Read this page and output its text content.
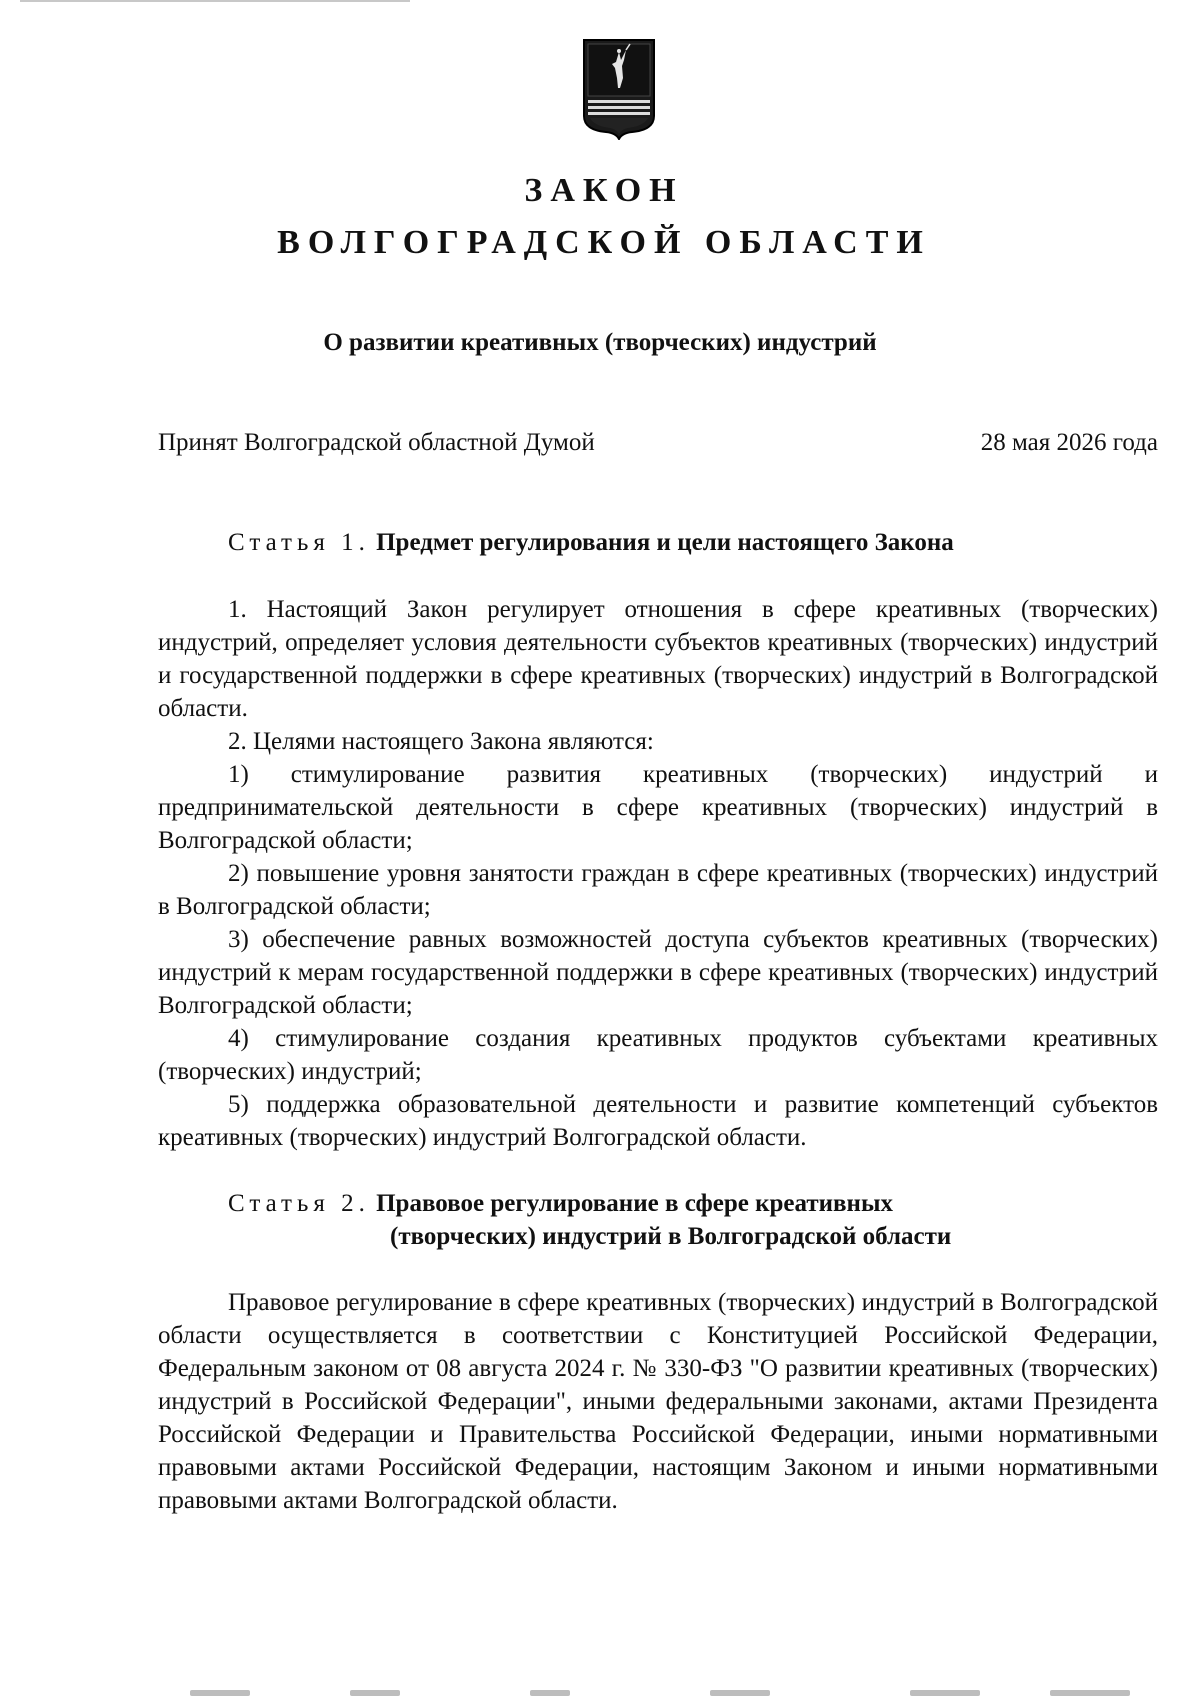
ЗАКОН
ВОЛГОГРАДСКОЙ ОБЛАСТИ
О развитии креативных (творческих) индустрий
Принят Волгоградской областной Думой	28 мая 2026 года
Статья 1. Предмет регулирования и цели настоящего Закона

1. Настоящий Закон регулирует отношения в сфере креативных (творческих) индустрий, определяет условия деятельности субъектов креативных (творческих) индустрий и государственной поддержки в сфере креативных (творческих) индустрий в Волгоградской области.

2. Целями настоящего Закона являются:

1) стимулирование развития креативных (творческих) индустрий и предпринимательской деятельности в сфере креативных (творческих) индустрий в Волгоградской области;

2) повышение уровня занятости граждан в сфере креативных (творческих) индустрий в Волгоградской области;

3) обеспечение равных возможностей доступа субъектов креативных (творческих) индустрий к мерам государственной поддержки в сфере креативных (творческих) индустрий Волгоградской области;

4) стимулирование создания креативных продуктов субъектами креативных (творческих) индустрий;

5) поддержка образовательной деятельности и развитие компетенций субъектов креативных (творческих) индустрий Волгоградской области.

Статья 2. Правовое регулирование в сфере креативных
(творческих) индустрий в Волгоградской области

Правовое регулирование в сфере креативных (творческих) индустрий в Волгоградской области осуществляется в соответствии с Конституцией Российской Федерации, Федеральным законом от 08 августа 2024 г. № 330-ФЗ "О развитии креативных (творческих) индустрий в Российской Федерации", иными федеральными законами, актами Президента Российской Федерации и Правительства Российской Федерации, иными нормативными правовыми актами Российской Федерации, настоящим Законом и иными нормативными правовыми актами Волгоградской области.
